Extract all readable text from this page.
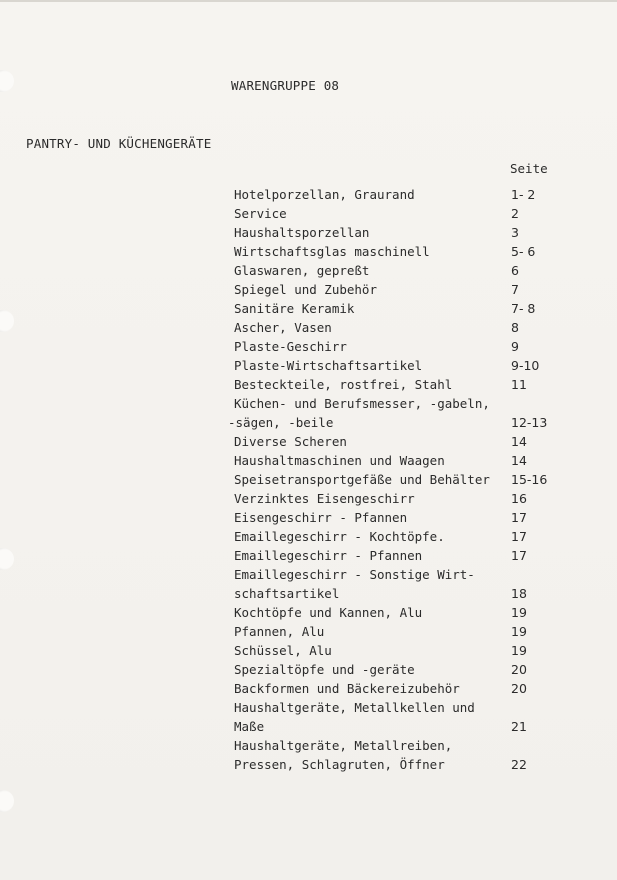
WARENGRUPPE 08
PANTRY- UND KÜCHENGERÄTE
Seite
Hotelporzellan, Graurand	1- 2
Service	2
Haushaltsporzellan	3
Wirtschaftsglas maschinell	5- 6
Glaswaren, gepreßt	6
Spiegel und Zubehör	7
Sanitäre Keramik	7- 8
Ascher, Vasen	8
Plaste-Geschirr	9
Plaste-Wirtschaftsartikel	9-10
Besteckteile, rostfrei, Stahl	11
Küchen- und Berufsmesser, -gabeln,
-sägen, -beile	12-13
Diverse Scheren	14
Haushaltmaschinen und Waagen	14
Speisetransportgefäße und Behälter 15-16
Verzinktes Eisengeschirr	16
Eisengeschirr - Pfannen	17
Emaillegeschirr - Kochtöpfe.	17
Emaillegeschirr - Pfannen	17
Emaillegeschirr - Sonstige Wirt-
schaftsartikel	18
Kochtöpfe und Kannen, Alu	19
Pfannen, Alu	19
Schüssel, Alu	19
Spezialtöpfe und -geräte	20
Backformen und Bäckereizubehör	20
Haushaltgeräte, Metallkellen und
Maße	21
Haushaltgeräte, Metallreiben,
Pressen, Schlagruten, Öffner	22
